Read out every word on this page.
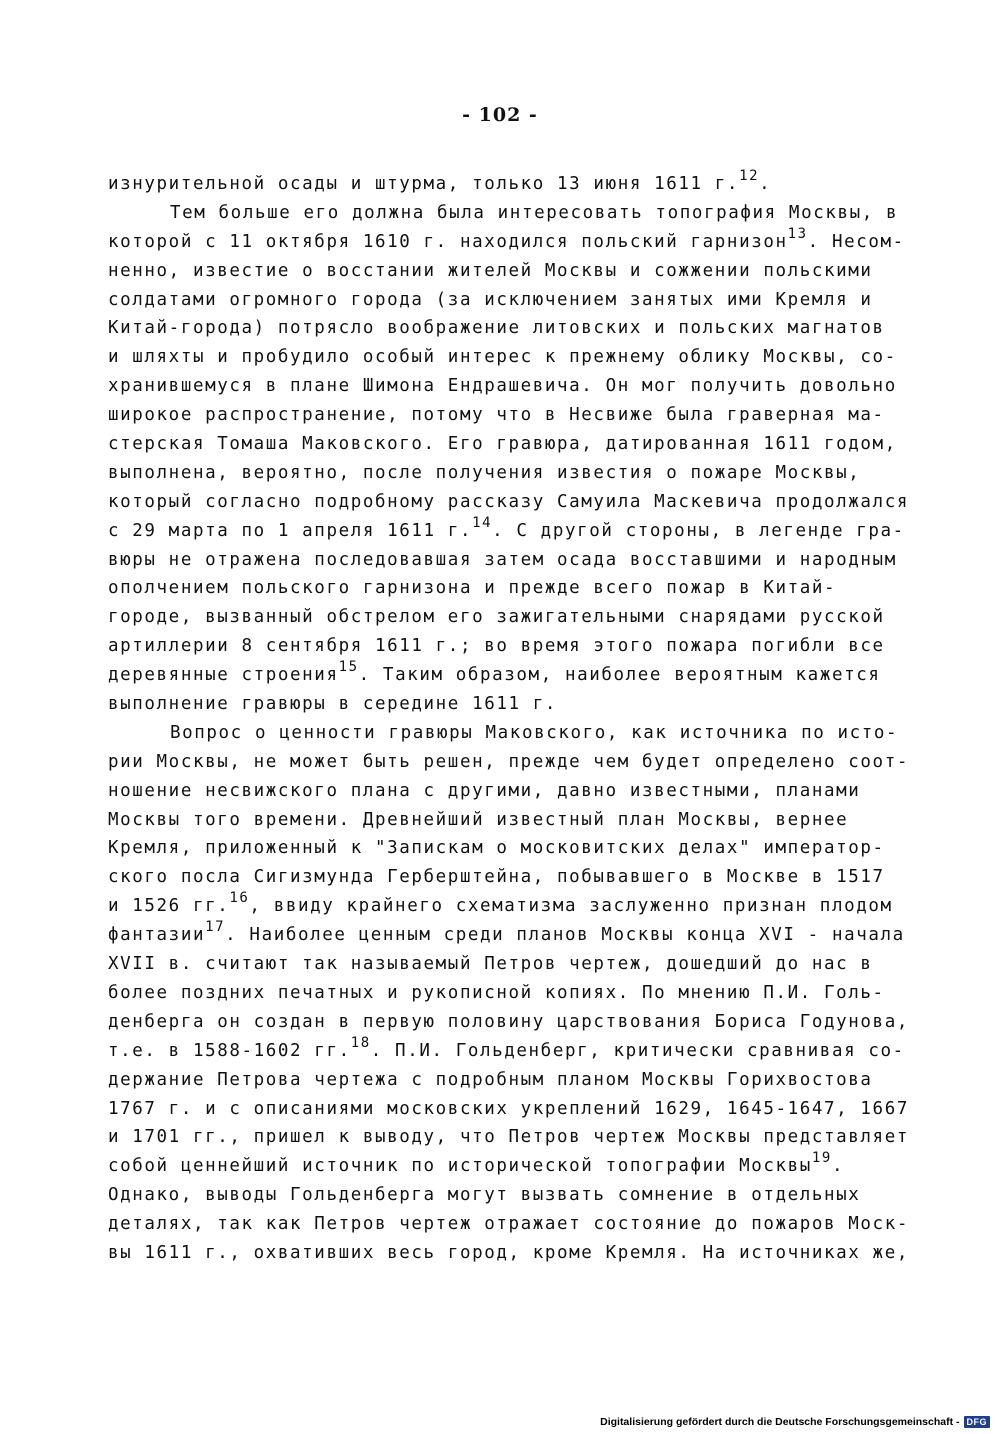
- 102 -
изнурительной осады и штурма, только 13 июня 1611 г.$^{12}$.
Тем больше его должна была интересовать топография Москвы, в
которой с 11 октября 1610 г. находился польский гарнизон$^{13}$. Несом-
ненно, известие о восстании жителей Москвы и сожжении польскими
солдатами огромного города (за исключением занятых ими Кремля и
Китай-города) потрясло воображение литовских и польских магнатов
и шляхты и пробудило особый интерес к прежнему облику Москвы, со-
хранившемуся в плане Шимона Ендрашевича. Он мог получить довольно
широкое распространение, потому что в Несвиже была граверная ма-
стерская Томаша Маковского. Его гравюра, датированная 1611 годом,
выполнена, вероятно, после получения известия о пожаре Москвы,
который согласно подробному рассказу Самуила Маскевича продолжался
с 29 марта по 1 апреля 1611 г.$^{14}$. С другой стороны, в легенде гра-
вюры не отражена последовавшая затем осада восставшими и народным
ополчением польского гарнизона и прежде всего пожар в Китай-
городе, вызванный обстрелом его зажигательными снарядами русской
артиллерии 8 сентября 1611 г.; во время этого пожара погибли все
деревянные строения$^{15}$. Таким образом, наиболее вероятным кажется
выполнение гравюры в середине 1611 г.
Вопрос о ценности гравюры Маковского, как источника по исто-
рии Москвы, не может быть решен, прежде чем будет определено соот-
ношение несвижского плана с другими, давно известными, планами
Москвы того времени. Древнейший известный план Москвы, вернее
Кремля, приложенный к "Запискам о московитских делах" император-
ского посла Сигизмунда Герберштейна, побывавшего в Москве в 1517
и 1526 гг.$^{16}$, ввиду крайнего схематизма заслуженно признан плодом
фантазии$^{17}$. Наиболее ценным среди планов Москвы конца XVI - начала
XVII в. считают так называемый Петров чертеж, дошедший до нас в
более поздних печатных и рукописной копиях. По мнению П.И. Голь-
денберга он создан в первую половину царствования Бориса Годунова,
т.е. в 1588-1602 гг.$^{18}$. П.И. Гольденберг, критически сравнивая со-
держание Петрова чертежа с подробным планом Москвы Горихвостова
1767 г. и с описаниями московских укреплений 1629, 1645-1647, 1667
и 1701 гг., пришел к выводу, что Петров чертеж Москвы представляет
собой ценнейший источник по исторической топографии Москвы$^{19}$.
Однако, выводы Гольденберга могут вызвать сомнение в отдельных
деталях, так как Петров чертеж отражает состояние до пожаров Моск-
вы 1611 г., охвативших весь город, кроме Кремля. На источниках же,
Digitalisierung gefördert durch die Deutsche Forschungsgemeinschaft - DFG
